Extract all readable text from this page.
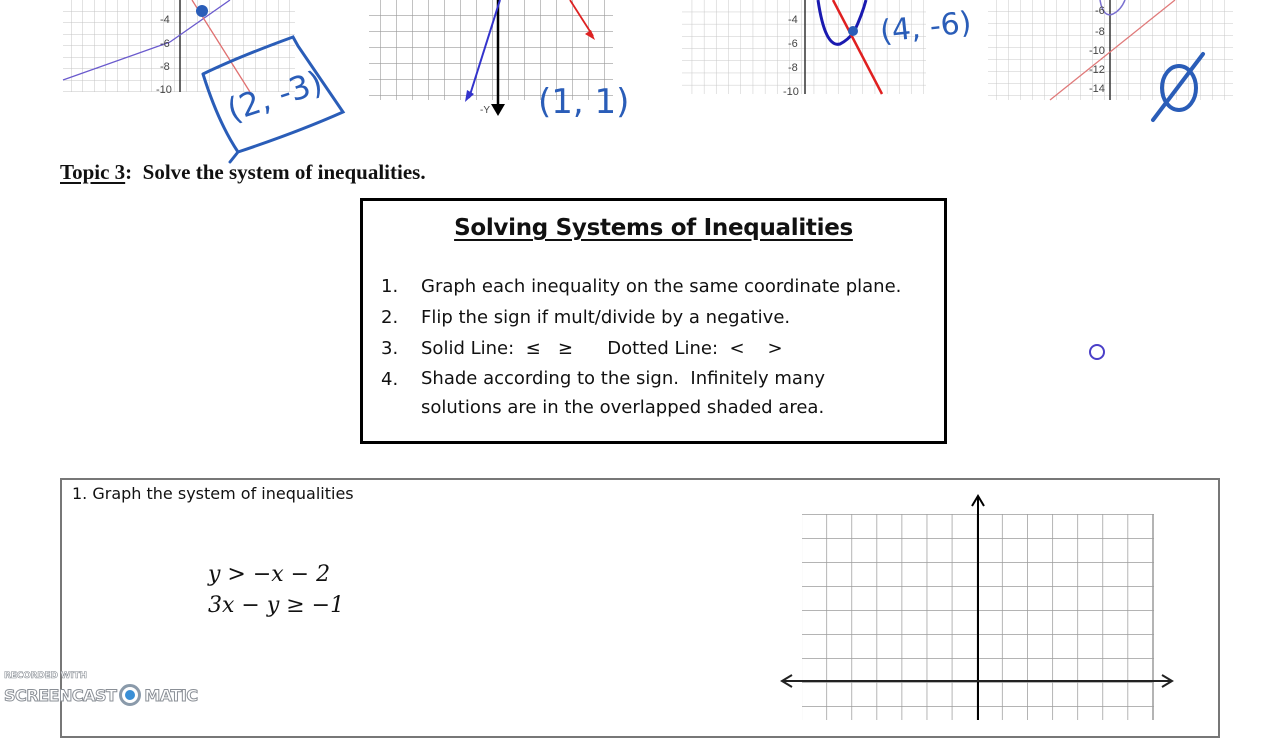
-4
-6
-8
-10 (2, -3)	-Y (1, 1)
-4
-6
-8
-10
(4, -6)	-6
-8
-10
-12
-14
Topic 3: Solve the system of inequalities.
Solving Systems of Inequalities
1.	Graph each inequality on the same coordinate plane.
2.	Flip the sign if mult/divide by a negative.
3.	Solid Line:  ≤   ≥      Dotted Line:  <    >
4.	Shade according to the sign.  Infinitely many solutions are in the overlapped shaded area.
1. Graph the system of inequalities
y > −x − 2
3x − y ≥ −1
RECORDED WITH
SCREENCAST MATIC
